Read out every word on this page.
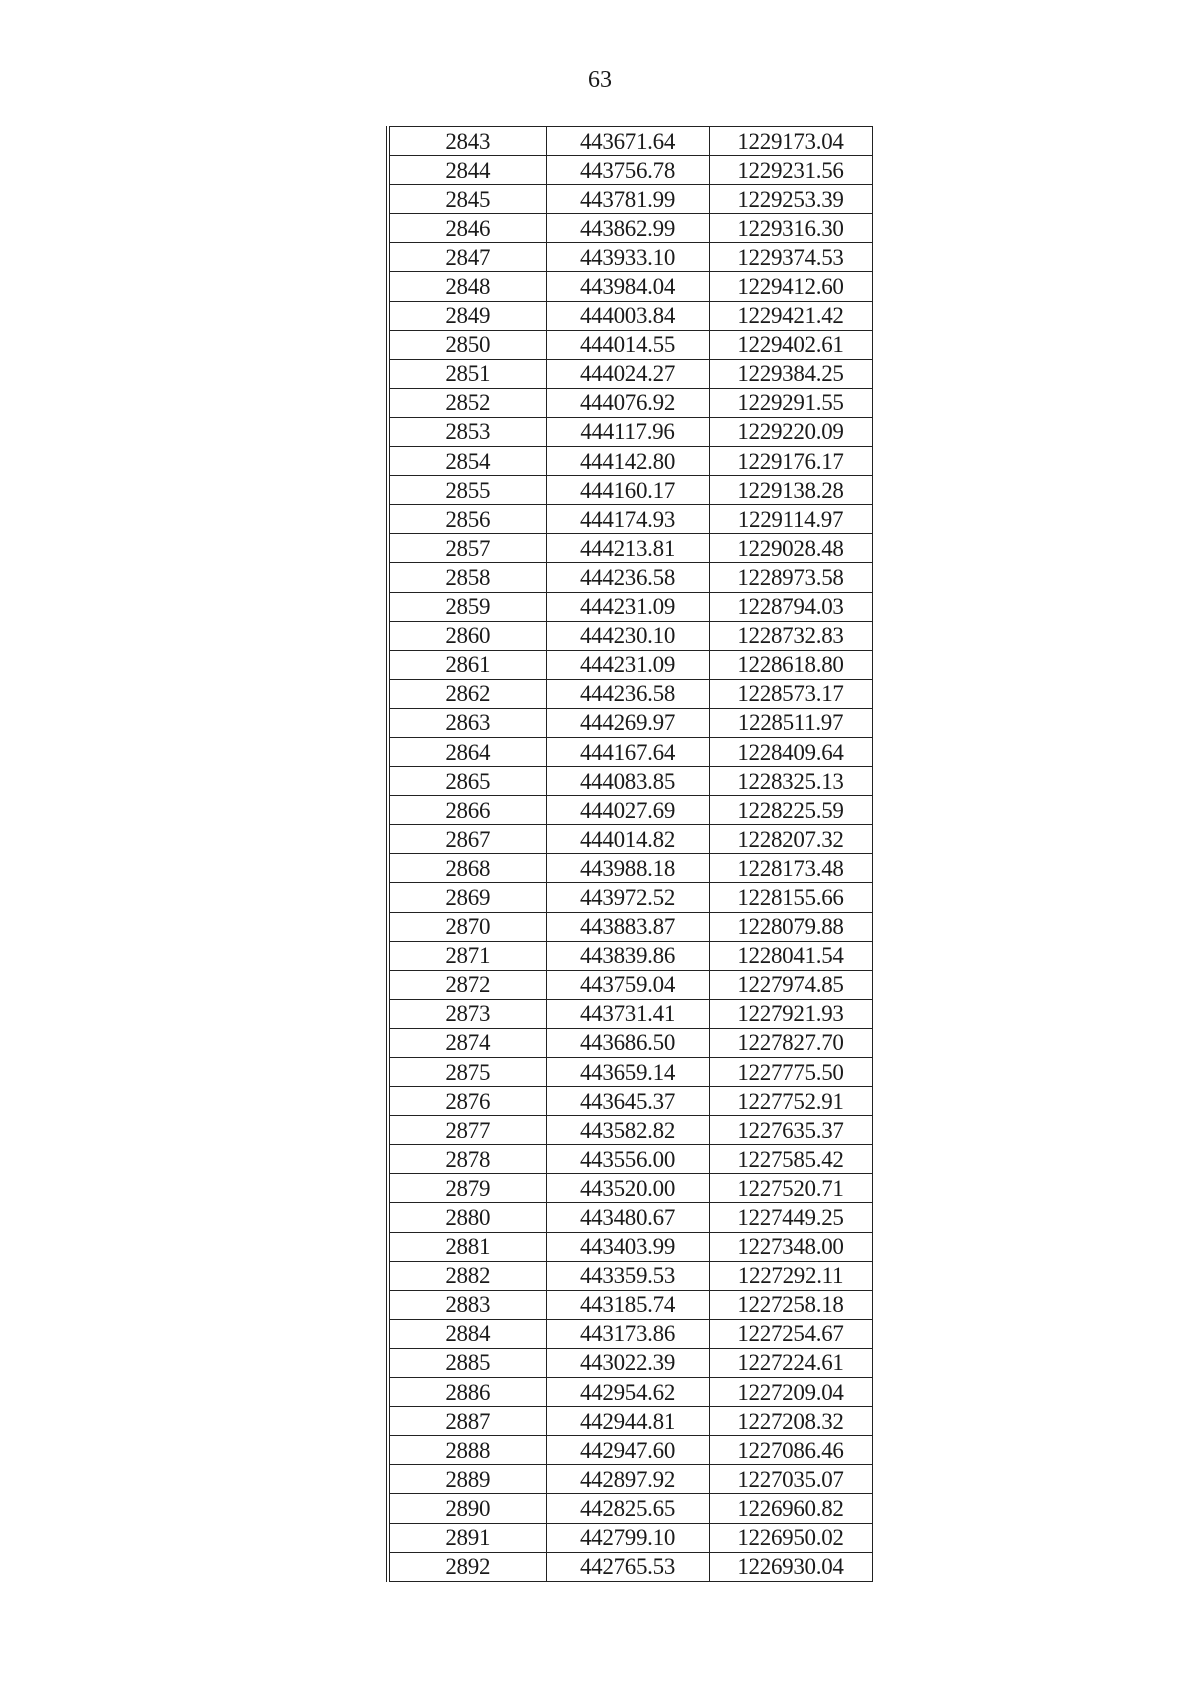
63
2843	443671.64	1229173.04
2844	443756.78	1229231.56
2845	443781.99	1229253.39
2846	443862.99	1229316.30
2847	443933.10	1229374.53
2848	443984.04	1229412.60
2849	444003.84	1229421.42
2850	444014.55	1229402.61
2851	444024.27	1229384.25
2852	444076.92	1229291.55
2853	444117.96	1229220.09
2854	444142.80	1229176.17
2855	444160.17	1229138.28
2856	444174.93	1229114.97
2857	444213.81	1229028.48
2858	444236.58	1228973.58
2859	444231.09	1228794.03
2860	444230.10	1228732.83
2861	444231.09	1228618.80
2862	444236.58	1228573.17
2863	444269.97	1228511.97
2864	444167.64	1228409.64
2865	444083.85	1228325.13
2866	444027.69	1228225.59
2867	444014.82	1228207.32
2868	443988.18	1228173.48
2869	443972.52	1228155.66
2870	443883.87	1228079.88
2871	443839.86	1228041.54
2872	443759.04	1227974.85
2873	443731.41	1227921.93
2874	443686.50	1227827.70
2875	443659.14	1227775.50
2876	443645.37	1227752.91
2877	443582.82	1227635.37
2878	443556.00	1227585.42
2879	443520.00	1227520.71
2880	443480.67	1227449.25
2881	443403.99	1227348.00
2882	443359.53	1227292.11
2883	443185.74	1227258.18
2884	443173.86	1227254.67
2885	443022.39	1227224.61
2886	442954.62	1227209.04
2887	442944.81	1227208.32
2888	442947.60	1227086.46
2889	442897.92	1227035.07
2890	442825.65	1226960.82
2891	442799.10	1226950.02
2892	442765.53	1226930.04
